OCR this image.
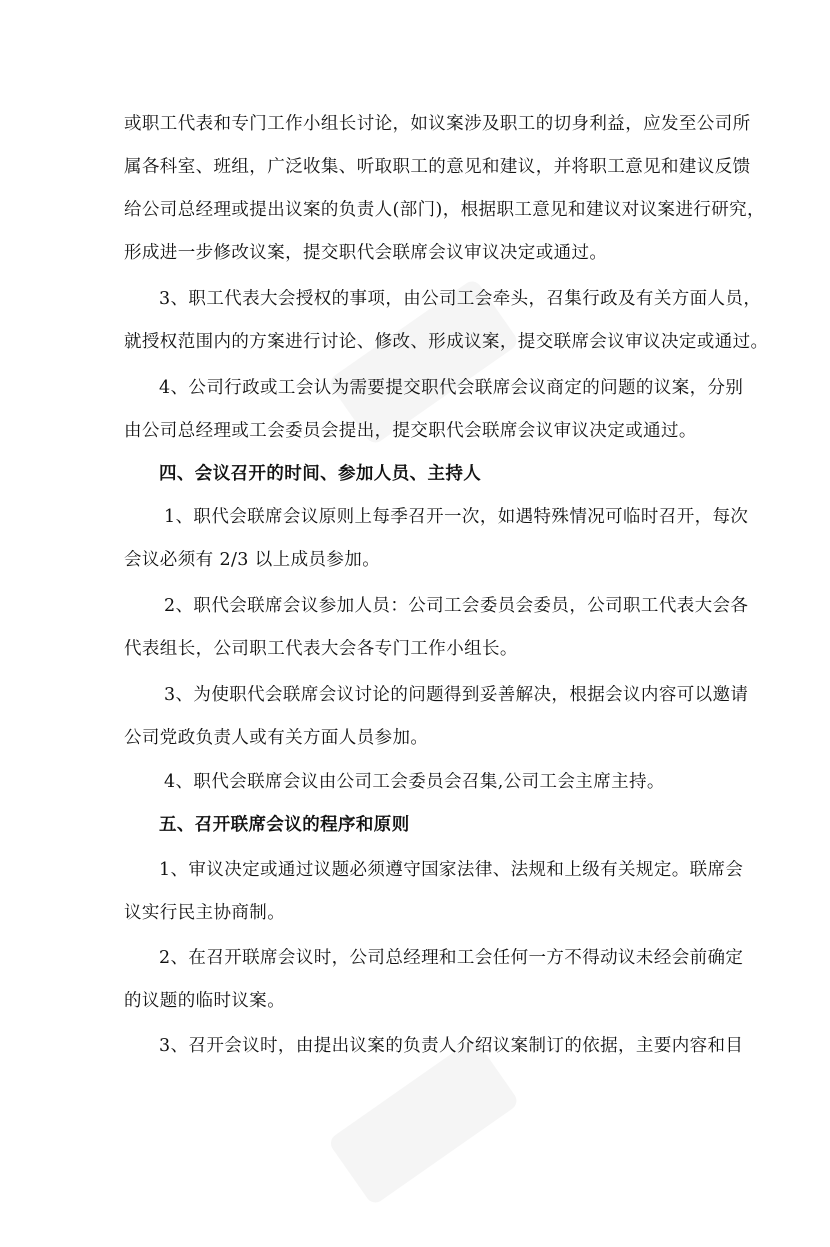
或职工代表和专门工作小组长讨论，如议案涉及职工的切身利益，应发至公司所
属各科室、班组，广泛收集、听取职工的意见和建议，并将职工意见和建议反馈
给公司总经理或提出议案的负责人(部门)，根据职工意见和建议对议案进行研究，
形成进一步修改议案，提交职代会联席会议审议决定或通过。
3、职工代表大会授权的事项，由公司工会牵头，召集行政及有关方面人员，
就授权范围内的方案进行讨论、修改、形成议案，提交联席会议审议决定或通过。
4、公司行政或工会认为需要提交职代会联席会议商定的问题的议案，分别
由公司总经理或工会委员会提出，提交职代会联席会议审议决定或通过。
四、会议召开的时间、参加人员、主持人
1、职代会联席会议原则上每季召开一次，如遇特殊情况可临时召开，每次
会议必须有 2/3 以上成员参加。
2、职代会联席会议参加人员：公司工会委员会委员，公司职工代表大会各
代表组长，公司职工代表大会各专门工作小组长。
3、为使职代会联席会议讨论的问题得到妥善解决，根据会议内容可以邀请
公司党政负责人或有关方面人员参加。
4、职代会联席会议由公司工会委员会召集,公司工会主席主持。
五、召开联席会议的程序和原则
1、审议决定或通过议题必须遵守国家法律、法规和上级有关规定。联席会
议实行民主协商制。
2、在召开联席会议时，公司总经理和工会任何一方不得动议未经会前确定
的议题的临时议案。
3、召开会议时，由提出议案的负责人介绍议案制订的依据，主要内容和目
